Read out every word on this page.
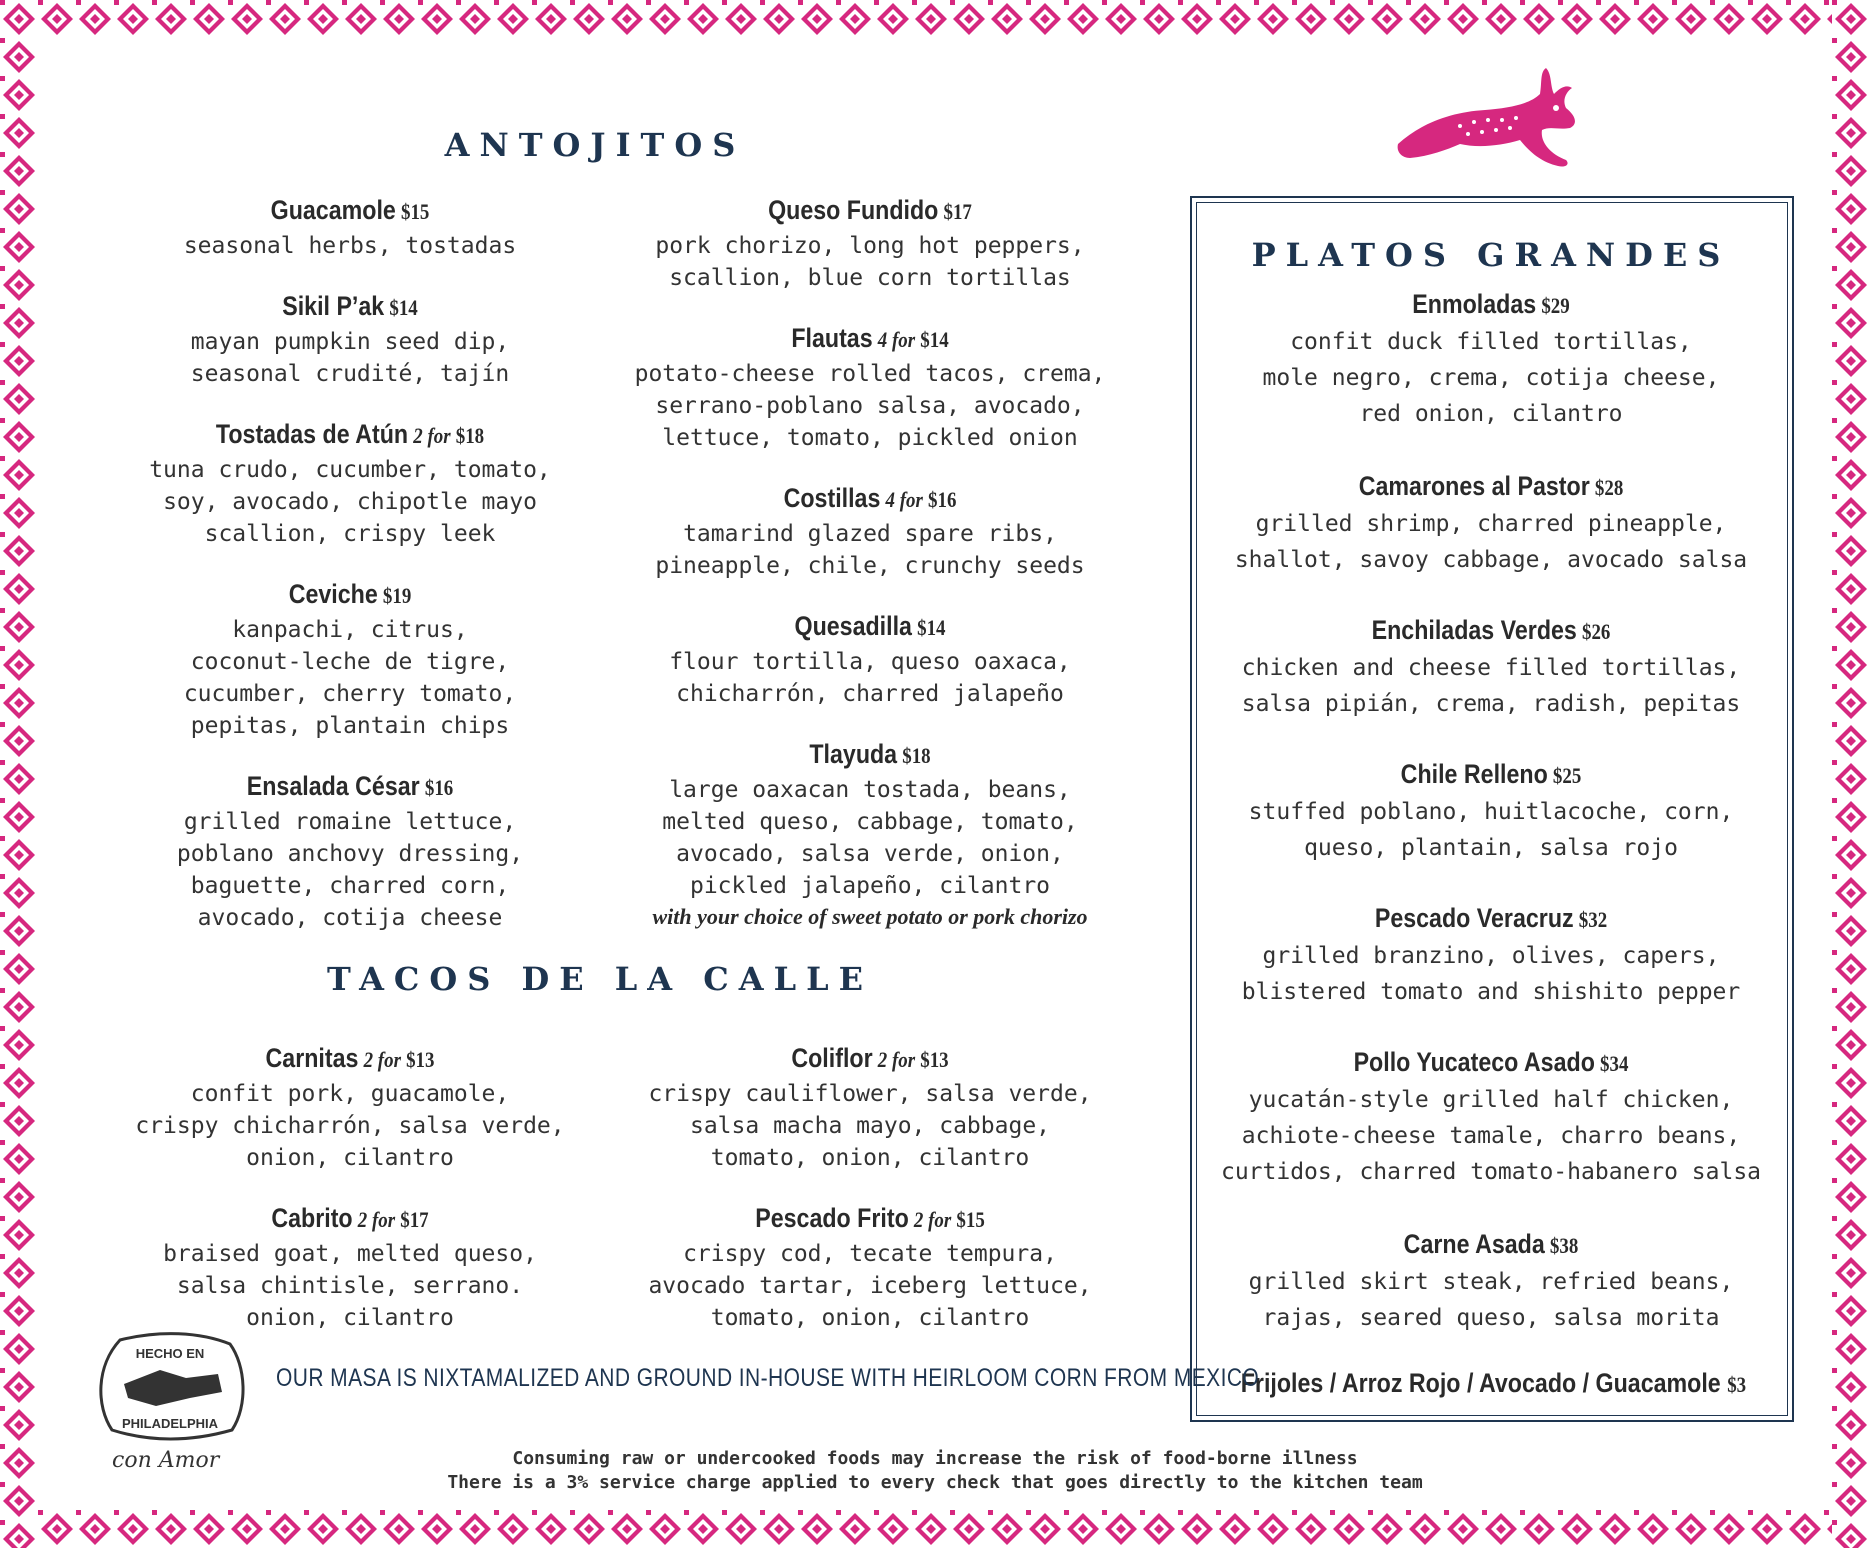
ANTOJITOS
TACOS DE LA CALLE
PLATOS GRANDES
Frijoles / Arroz Rojo / Avocado / Guacamole $3
HECHO EN
PHILADELPHIA
con Amor
OUR MASA IS NIXTAMALIZED AND GROUND IN-HOUSE WITH HEIRLOOM CORN FROM MEXICO
Consuming raw or undercooked foods may increase the risk of food-borne illness
There is a 3% service charge applied to every check that goes directly to the kitchen team
Guacamole $15
seasonal herbs, tostadas
Sikil P’ak $14
mayan pumpkin seed dip,
seasonal crudité, tajín
Tostadas de Atún 2 for $18
tuna crudo, cucumber, tomato,
soy, avocado, chipotle mayo
scallion, crispy leek
Ceviche $19
kanpachi, citrus,
coconut-leche de tigre,
cucumber, cherry tomato,
pepitas, plantain chips
Ensalada César $16
grilled romaine lettuce,
poblano anchovy dressing,
baguette, charred corn,
avocado, cotija cheese
Queso Fundido $17
pork chorizo, long hot peppers,
scallion, blue corn tortillas
Flautas 4 for $14
potato-cheese rolled tacos, crema,
serrano-poblano salsa, avocado,
lettuce, tomato, pickled onion
Costillas 4 for $16
tamarind glazed spare ribs,
pineapple, chile, crunchy seeds
Quesadilla $14
flour tortilla, queso oaxaca,
chicharrón, charred jalapeño
Tlayuda $18
large oaxacan tostada, beans,
melted queso, cabbage, tomato,
avocado, salsa verde, onion,
pickled jalapeño, cilantro
with your choice of sweet potato or pork chorizo
Carnitas 2 for $13
confit pork, guacamole,
crispy chicharrón, salsa verde,
onion, cilantro
Cabrito 2 for $17
braised goat, melted queso,
salsa chintisle, serrano.
onion, cilantro
Coliflor 2 for $13
crispy cauliflower, salsa verde,
salsa macha mayo, cabbage,
tomato, onion, cilantro
Pescado Frito 2 for $15
crispy cod, tecate tempura,
avocado tartar, iceberg lettuce,
tomato, onion, cilantro
Enmoladas $29
confit duck filled tortillas,
mole negro, crema, cotija cheese,
red onion, cilantro
Camarones al Pastor $28
grilled shrimp, charred pineapple,
shallot, savoy cabbage, avocado salsa
Enchiladas Verdes $26
chicken and cheese filled tortillas,
salsa pipián, crema, radish, pepitas
Chile Relleno $25
stuffed poblano, huitlacoche, corn,
queso, plantain, salsa rojo
Pescado Veracruz $32
grilled branzino, olives, capers,
blistered tomato and shishito pepper
Pollo Yucateco Asado $34
yucatán-style grilled half chicken,
achiote-cheese tamale, charro beans,
curtidos, charred tomato-habanero salsa
Carne Asada $38
grilled skirt steak, refried beans,
rajas, seared queso, salsa morita
